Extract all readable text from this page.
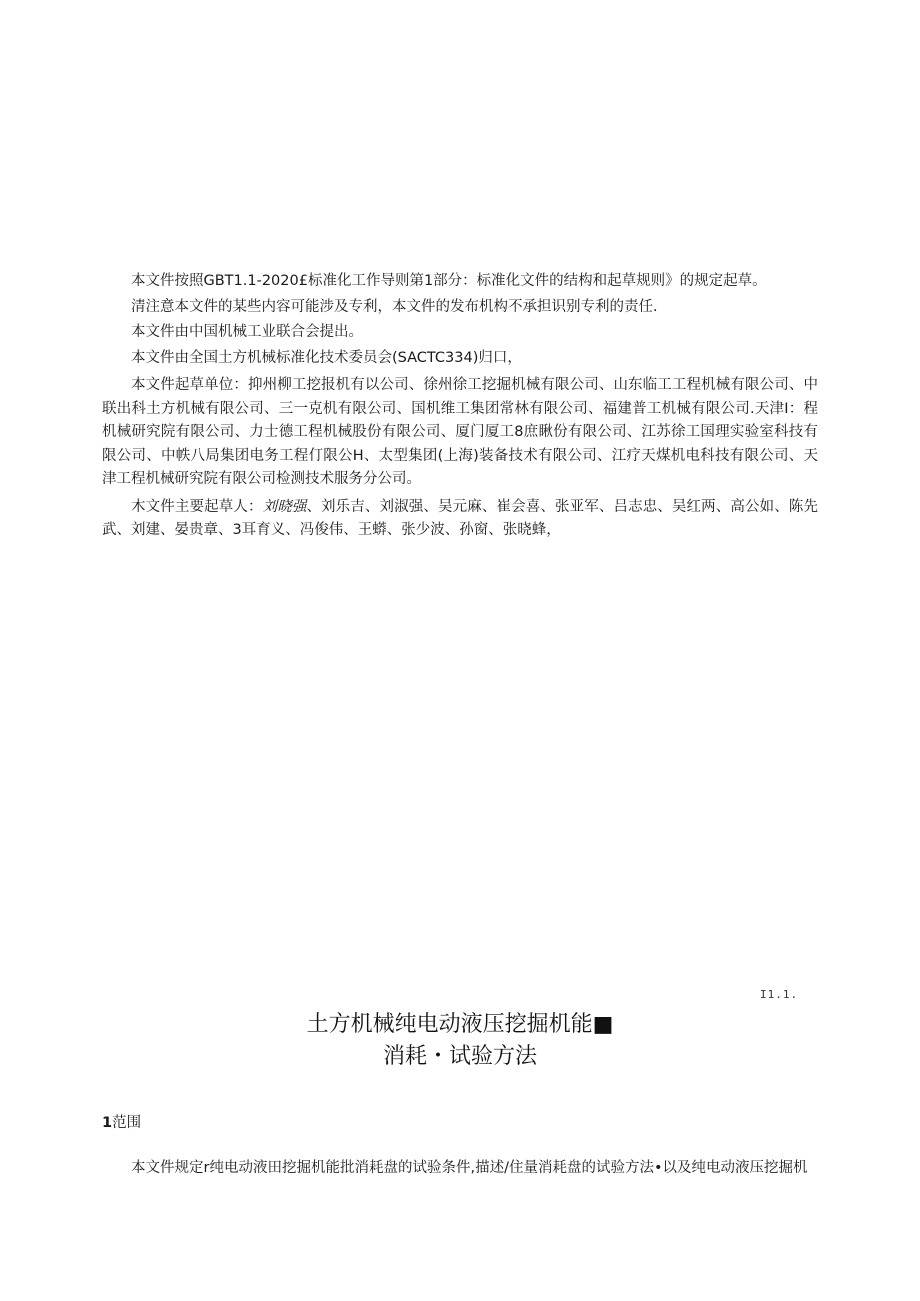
本文件按照GBT1.1-2020£标准化工作导则第1部分：标准化文件的结构和起草规则》的规定起草。

清注意本文件的某些内容可能涉及专利，本文件的发布机构不承担识别专利的责任.

本文件由中国机械工业联合会提出。

本文件由全国土方机械标准化技术委员会(SACTC334)归口，

本文件起草单位：抑州柳工挖报机有以公司、徐州徐工挖掘机械有限公司、山东临工工程机械有限公司、中联出科土方机械有限公司、三一克机有限公司、国机维工集团常林有限公司、福建普工机械有限公司.天津I：程机械研究院有限公司、力士德工程机械股份有限公司、厦门厦工8庶瞅份有限公司、江苏徐工国理实验室科技有限公司、中帙八局集团电务工程仃限公H、太型集团(上海)装备技术有限公司、江疗天煤机电科技有限公司、天津工程机械研究院有限公司检测技术服务分公司。

木文件主要起草人：刘晓强、刘乐吉、刘淑强、吴元麻、崔会喜、张亚军、吕志忠、吴红两、高公如、陈先武、刘建、晏贵章、3耳育义、冯俊伟、王蟒、张少波、孙窗、张晓蜂，

I1.1.
土方机械纯电动液压挖掘机能■
消耗・试验方法
1范围

本文件规定r纯电动液田挖掘机能批消耗盘的试验条件,描述/住量消耗盘的试验方法•以及纯电动液压挖掘机
